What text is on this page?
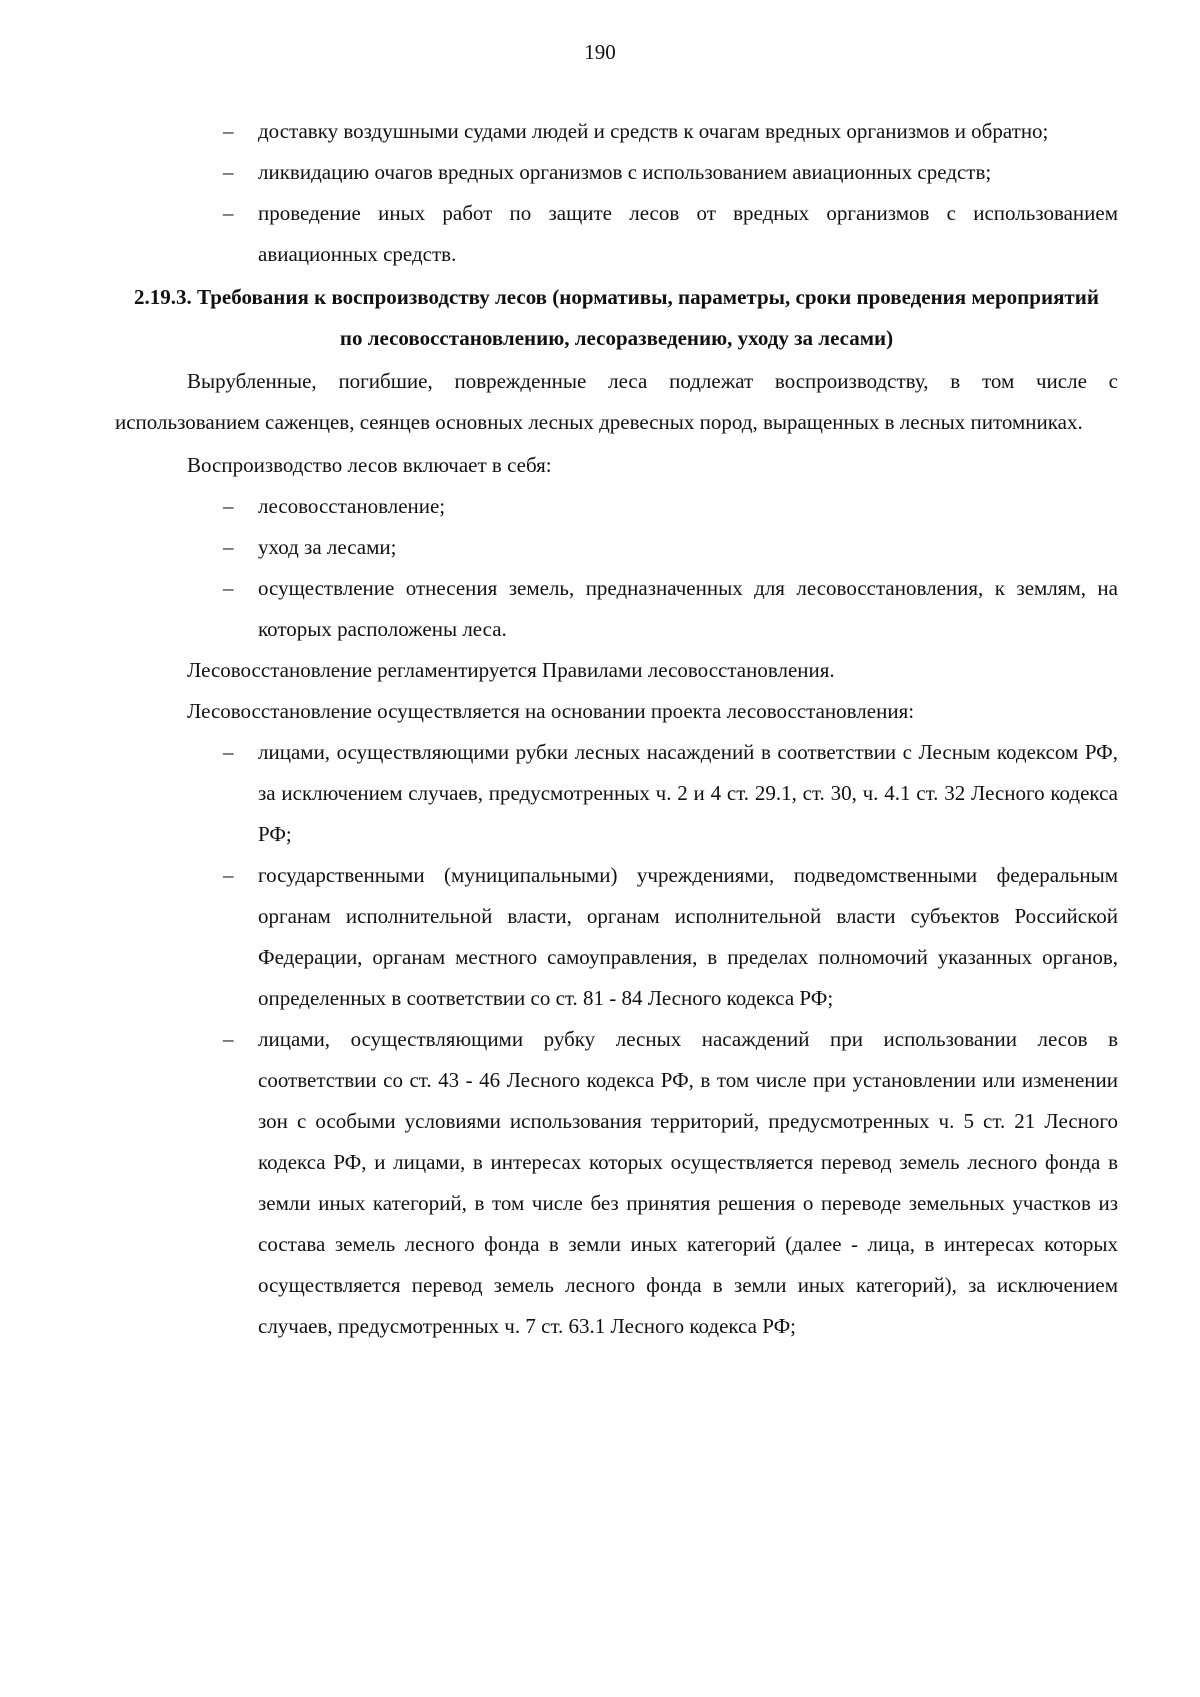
190
– доставку воздушными судами людей и средств к очагам вредных организмов и обратно;
– ликвидацию очагов вредных организмов с использованием авиационных средств;
– проведение иных работ по защите лесов от вредных организмов с использованием авиационных средств.
2.19.3. Требования к воспроизводству лесов (нормативы, параметры, сроки проведения мероприятий по лесовосстановлению, лесоразведению, уходу за лесами)

Вырубленные, погибшие, поврежденные леса подлежат воспроизводству, в том числе с использованием саженцев, сеянцев основных лесных древесных пород, выращенных в лесных питомниках.

Воспроизводство лесов включает в себя:

– лесовосстановление;
– уход за лесами;
– осуществление отнесения земель, предназначенных для лесовосстановления, к землям, на которых расположены леса.

Лесовосстановление регламентируется Правилами лесовосстановления.

Лесовосстановление осуществляется на основании проекта лесовосстановления:

– лицами, осуществляющими рубки лесных насаждений в соответствии с Лесным кодексом РФ, за исключением случаев, предусмотренных ч. 2 и 4 ст. 29.1, ст. 30, ч. 4.1 ст. 32 Лесного кодекса РФ;
– государственными (муниципальными) учреждениями, подведомственными федеральным органам исполнительной власти, органам исполнительной власти субъектов Российской Федерации, органам местного самоуправления, в пределах полномочий указанных органов, определенных в соответствии со ст. 81 - 84 Лесного кодекса РФ;
– лицами, осуществляющими рубку лесных насаждений при использовании лесов в соответствии со ст. 43 - 46 Лесного кодекса РФ, в том числе при установлении или изменении зон с особыми условиями использования территорий, предусмотренных ч. 5 ст. 21 Лесного кодекса РФ, и лицами, в интересах которых осуществляется перевод земель лесного фонда в земли иных категорий, в том числе без принятия решения о переводе земельных участков из состава земель лесного фонда в земли иных категорий (далее - лица, в интересах которых осуществляется перевод земель лесного фонда в земли иных категорий), за исключением случаев, предусмотренных ч. 7 ст. 63.1 Лесного кодекса РФ;
